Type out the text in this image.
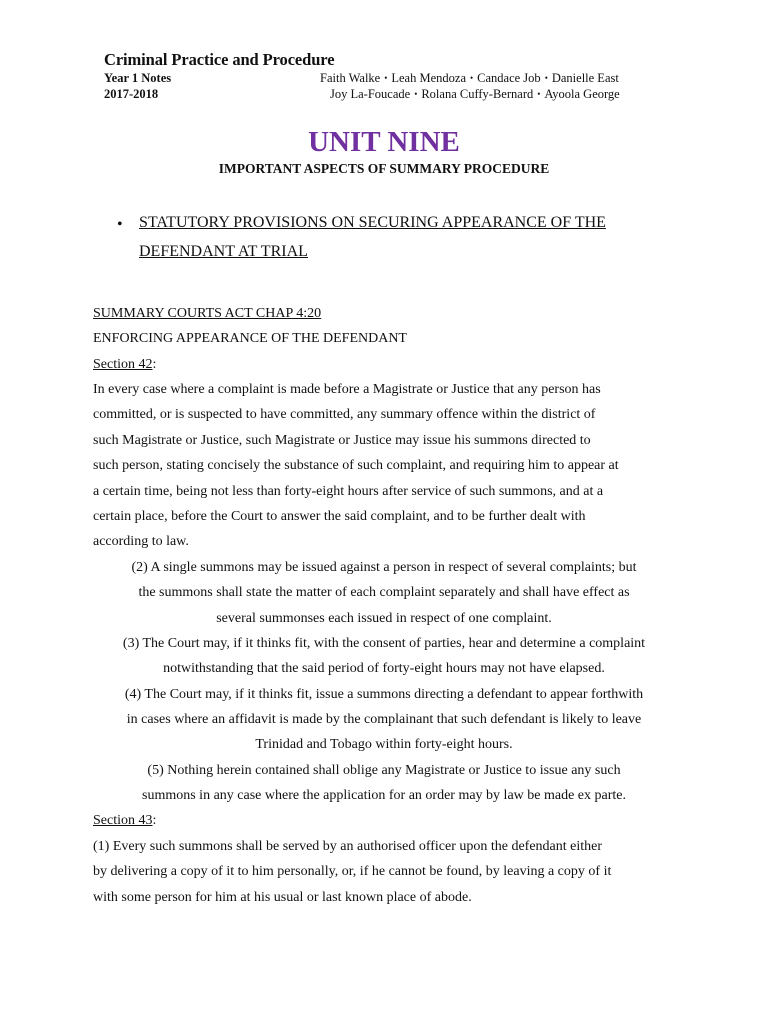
Criminal Practice and Procedure
Year 1 Notes
2017-2018
Faith Walke • Leah Mendoza • Candace Job • Danielle East
Joy La-Foucade • Rolana Cuffy-Bernard • Ayoola George
UNIT NINE
IMPORTANT ASPECTS OF SUMMARY PROCEDURE
• STATUTORY PROVISIONS ON SECURING APPEARANCE OF THE
DEFENDANT AT TRIAL
SUMMARY COURTS ACT CHAP 4:20
ENFORCING APPEARANCE OF THE DEFENDANT
Section 42:
In every case where a complaint is made before a Magistrate or Justice that any person has
committed, or is suspected to have committed, any summary offence within the district of
such Magistrate or Justice, such Magistrate or Justice may issue his summons directed to
such person, stating concisely the substance of such complaint, and requiring him to appear at
a certain time, being not less than forty-eight hours after service of such summons, and at a
certain place, before the Court to answer the said complaint, and to be further dealt with
according to law.
(2) A single summons may be issued against a person in respect of several complaints; but
the summons shall state the matter of each complaint separately and shall have effect as
several summonses each issued in respect of one complaint.
(3) The Court may, if it thinks fit, with the consent of parties, hear and determine a complaint
notwithstanding that the said period of forty-eight hours may not have elapsed.
(4) The Court may, if it thinks fit, issue a summons directing a defendant to appear forthwith
in cases where an affidavit is made by the complainant that such defendant is likely to leave
Trinidad and Tobago within forty-eight hours.
(5) Nothing herein contained shall oblige any Magistrate or Justice to issue any such
summons in any case where the application for an order may by law be made ex parte.
Section 43:
(1) Every such summons shall be served by an authorised officer upon the defendant either
by delivering a copy of it to him personally, or, if he cannot be found, by leaving a copy of it
with some person for him at his usual or last known place of abode.
